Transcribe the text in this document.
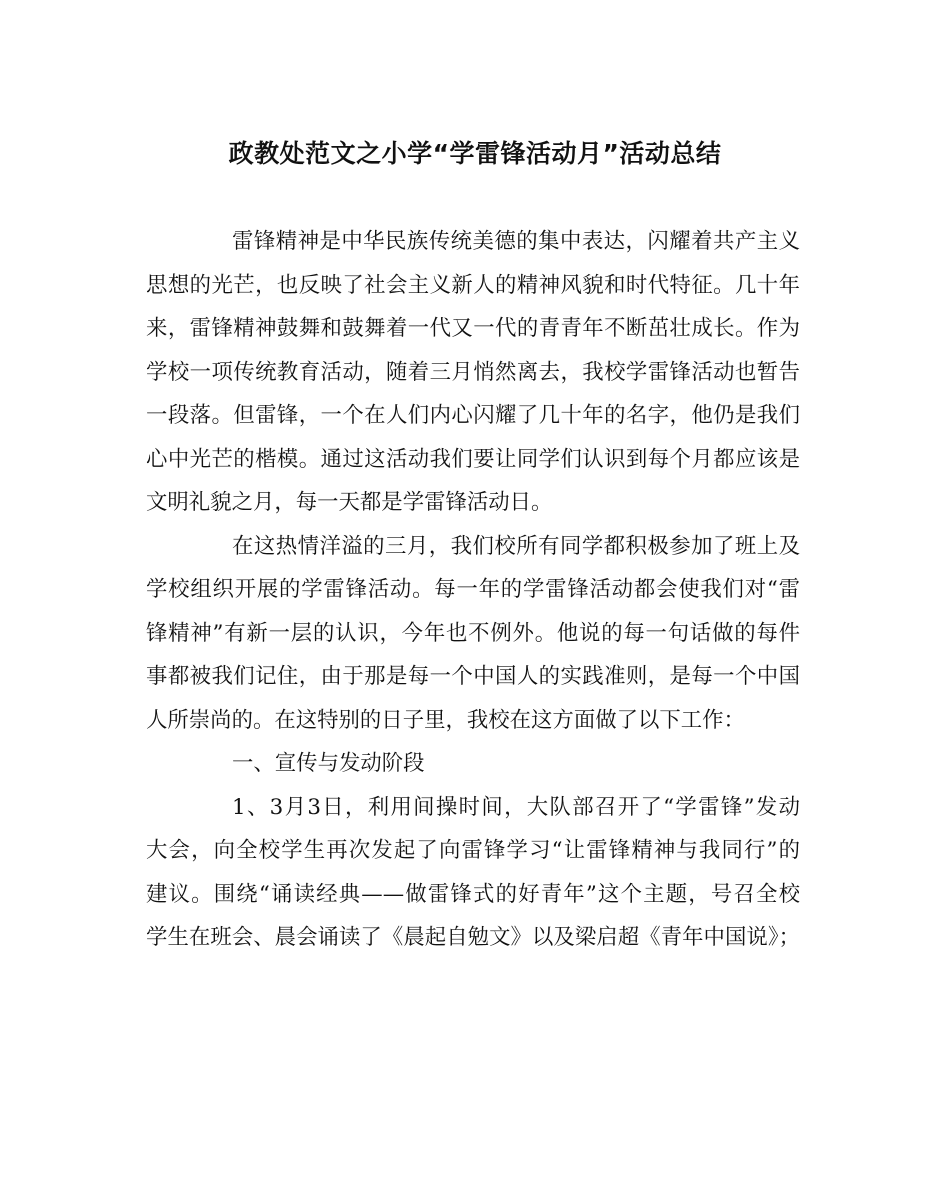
政教处范文之小学“学雷锋活动月”活动总结
雷锋精神是中华民族传统美德的集中表达，闪耀着共产主义
思想的光芒，也反映了社会主义新人的精神风貌和时代特征。几十年
来，雷锋精神鼓舞和鼓舞着一代又一代的青青年不断茁壮成长。作为
学校一项传统教育活动，随着三月悄然离去，我校学雷锋活动也暂告
一段落。但雷锋，一个在人们内心闪耀了几十年的名字，他仍是我们
心中光芒的楷模。通过这活动我们要让同学们认识到每个月都应该是
文明礼貌之月，每一天都是学雷锋活动日。
在这热情洋溢的三月，我们校所有同学都积极参加了班上及
学校组织开展的学雷锋活动。每一年的学雷锋活动都会使我们对“雷
锋精神”有新一层的认识，今年也不例外。他说的每一句话做的每件
事都被我们记住，由于那是每一个中国人的实践准则，是每一个中国
人所崇尚的。在这特别的日子里，我校在这方面做了以下工作：
一、宣传与发动阶段
1、3月3日，利用间操时间，大队部召开了“学雷锋”发动
大会，向全校学生再次发起了向雷锋学习“让雷锋精神与我同行”的
建议。围绕“诵读经典——做雷锋式的好青年”这个主题，号召全校
学生在班会、晨会诵读了《晨起自勉文》以及梁启超《青年中国说》；
